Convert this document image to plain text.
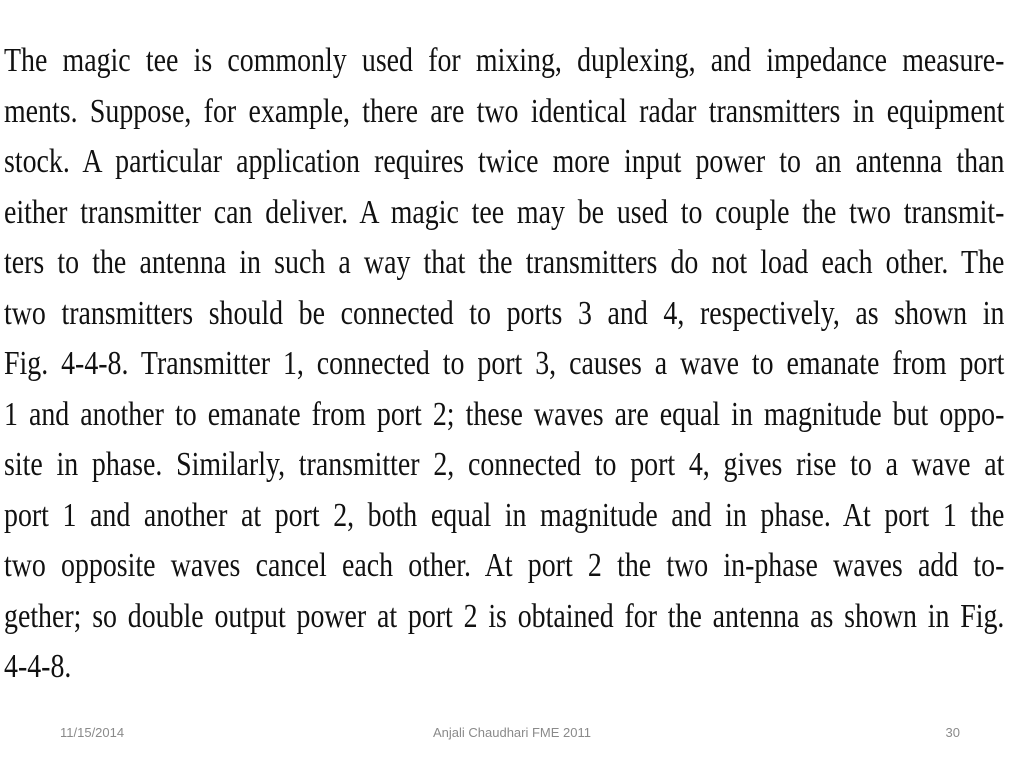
The magic tee is commonly used for mixing, duplexing, and impedance measure-
ments. Suppose, for example, there are two identical radar transmitters in equipment
stock. A particular application requires twice more input power to an antenna than
either transmitter can deliver. A magic tee may be used to couple the two transmit-
ters to the antenna in such a way that the transmitters do not load each other. The
two transmitters should be connected to ports 3 and 4, respectively, as shown in
Fig. 4-4-8. Transmitter 1, connected to port 3, causes a wave to emanate from port
1 and another to emanate from port 2; these waves are equal in magnitude but oppo-
site in phase. Similarly, transmitter 2, connected to port 4, gives rise to a wave at
port 1 and another at port 2, both equal in magnitude and in phase. At port 1 the
two opposite waves cancel each other. At port 2 the two in-phase waves add to-
gether; so double output power at port 2 is obtained for the antenna as shown in Fig.
4-4-8.
11/15/2014	Anjali Chaudhari FME 2011	30
